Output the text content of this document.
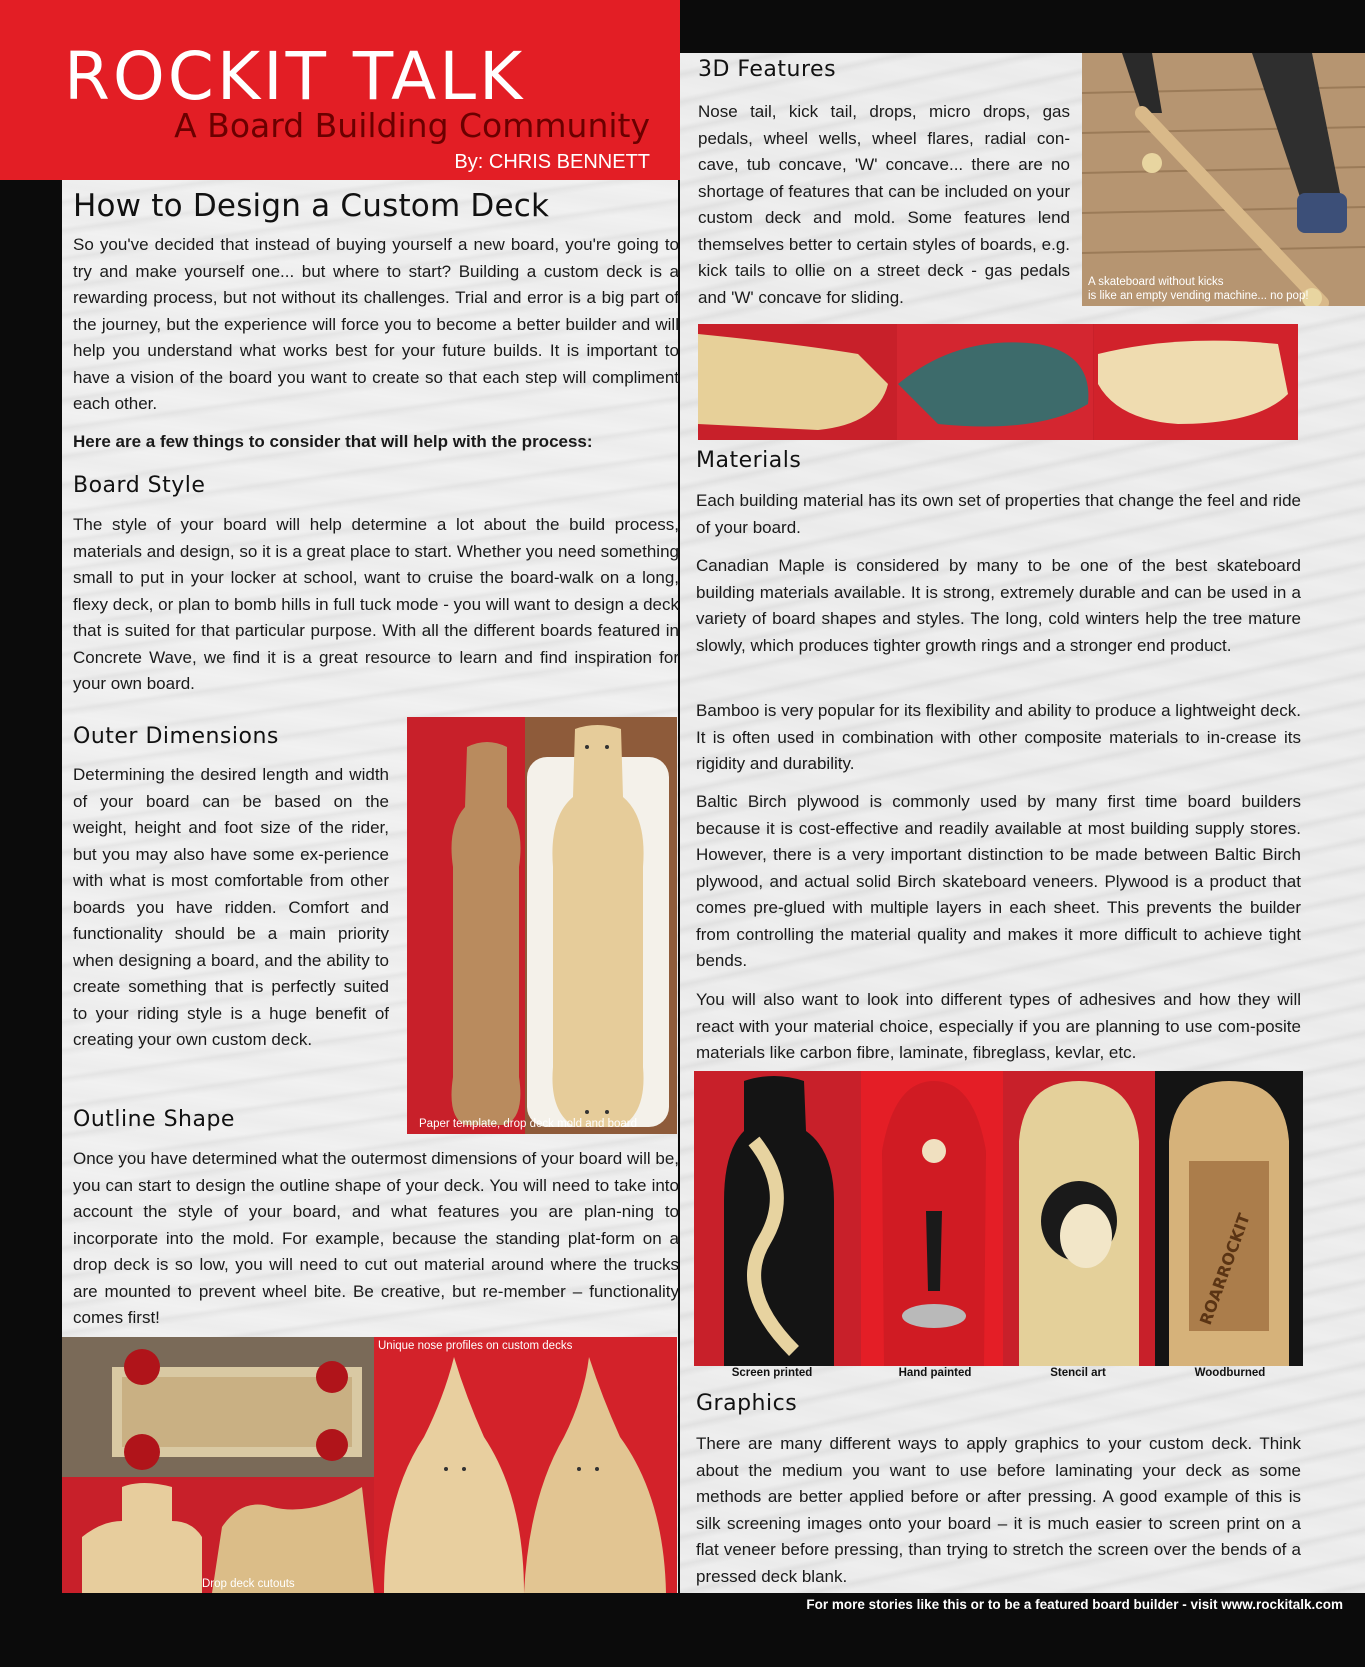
ROCKIT TALK
A Board Building Community
By: CHRIS BENNETT
How to Design a Custom Deck

So you've decided that instead of buying yourself a new board, you're going to try and make yourself one... but where to start? Building a custom deck is a rewarding process, but not without its challenges. Trial and error is a big part of the journey, but the experience will force you to become a better builder and will help you understand what works best for your future builds. It is important to have a vision of the board you want to create so that each step will compliment each other.

Here are a few things to consider that will help with the process:

Board Style

The style of your board will help determine a lot about the build process, materials and design, so it is a great place to start. Whether you need something small to put in your locker at school, want to cruise the board-walk on a long, flexy deck, or plan to bomb hills in full tuck mode - you will want to design a deck that is suited for that particular purpose. With all the different boards featured in Concrete Wave, we find it is a great resource to learn and find inspiration for your own board.

Outer Dimensions

Determining the desired length and width of your board can be based on the weight, height and foot size of the rider, but you may also have some ex-perience with what is most comfortable from other boards you have ridden. Comfort and functionality should be a main priority when designing a board, and the ability to create something that is perfectly suited to your riding style is a huge benefit of creating your own custom deck.

Paper template, drop deck mold and board
Outline Shape

Once you have determined what the outermost dimensions of your board will be, you can start to design the outline shape of your deck. You will need to take into account the style of your board, and what features you are plan-ning to incorporate into the mold. For example, because the standing plat-form on a drop deck is so low, you will need to cut out material around where the trucks are mounted to prevent wheel bite. Be creative, but re-member – functionality comes first!

Drop deck cutouts
Unique nose profiles on custom decks
3D Features

Nose tail, kick tail, drops, micro drops, gas pedals, wheel wells, wheel flares, radial con-cave, tub concave, 'W' concave... there are no shortage of features that can be included on your custom deck and mold. Some features lend themselves better to certain styles of boards, e.g. kick tails to ollie on a street deck - gas pedals and 'W' concave for sliding.

A skateboard without kicks
is like an empty vending machine... no pop!
Materials

Each building material has its own set of properties that change the feel and ride of your board.

Canadian Maple is considered by many to be one of the best skateboard building materials available. It is strong, extremely durable and can be used in a variety of board shapes and styles. The long, cold winters help the tree mature slowly, which produces tighter growth rings and a stronger end product.

Bamboo is very popular for its flexibility and ability to produce a lightweight deck. It is often used in combination with other composite materials to in-crease its rigidity and durability.

Baltic Birch plywood is commonly used by many first time board builders because it is cost-effective and readily available at most building supply stores. However, there is a very important distinction to be made between Baltic Birch plywood, and actual solid Birch skateboard veneers. Plywood is a product that comes pre-glued with multiple layers in each sheet. This prevents the builder from controlling the material quality and makes it more difficult to achieve tight bends.

You will also want to look into different types of adhesives and how they will react with your material choice, especially if you are planning to use com-posite materials like carbon fibre, laminate, fibreglass, kevlar, etc.

ROARROCKIT
Screen printed	Hand painted	Stencil art	Woodburned
Graphics

There are many different ways to apply graphics to your custom deck. Think about the medium you want to use before laminating your deck as some methods are better applied before or after pressing. A good example of this is silk screening images onto your board – it is much easier to screen print on a flat veneer before pressing, than trying to stretch the screen over the bends of a pressed deck blank.

For more stories like this or to be a featured board builder - visit www.rockitalk.com
